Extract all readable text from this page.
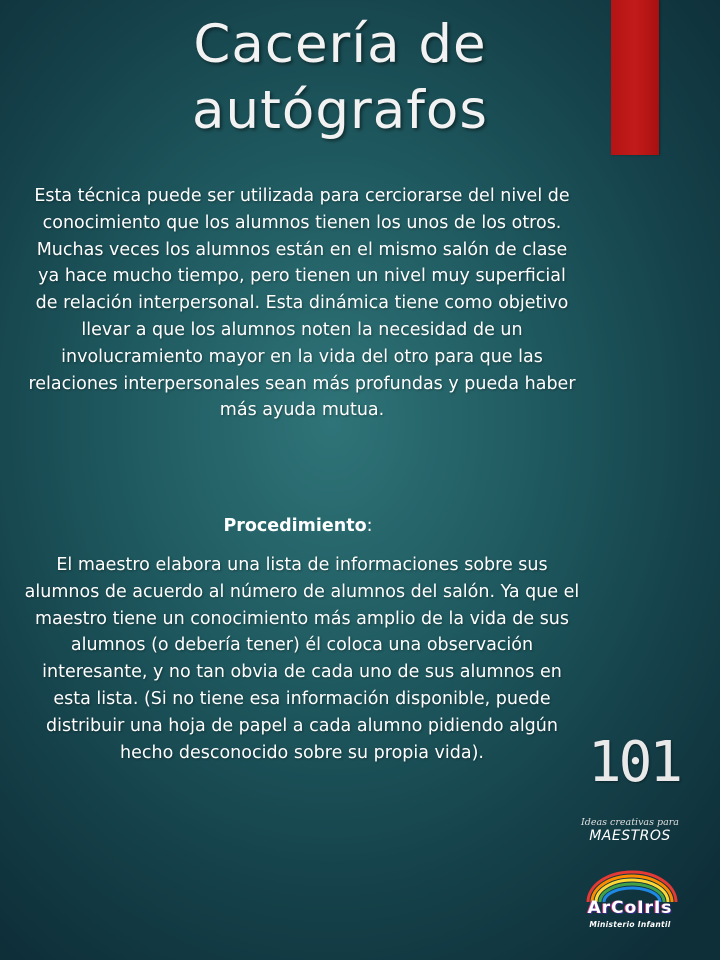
Cacería de
autógrafos

Esta técnica puede ser utilizada para cerciorarse del nivel de conocimiento que los alumnos tienen los unos de los otros. Muchas veces los alumnos están en el mismo salón de clase ya hace mucho tiempo, pero tienen un nivel muy superficial de relación interpersonal. Esta dinámica tiene como objetivo llevar a que los alumnos noten la necesidad de un involucramiento mayor en la vida del otro para que las relaciones interpersonales sean más profundas y pueda haber más ayuda mutua.

Procedimiento:

El maestro elabora una lista de informaciones sobre sus alumnos de acuerdo al número de alumnos del salón. Ya que el maestro tiene un conocimiento más amplio de la vida de sus alumnos (o debería tener) él coloca una observación interesante, y no tan obvia de cada uno de sus alumnos en esta lista. (Si no tiene esa información disponible, puede distribuir una hoja de papel a cada alumno pidiendo algún hecho desconocido sobre su propia vida).	101
Ideas creativas para
MAESTROS
ArCoIrIs
Ministerio Infantil
